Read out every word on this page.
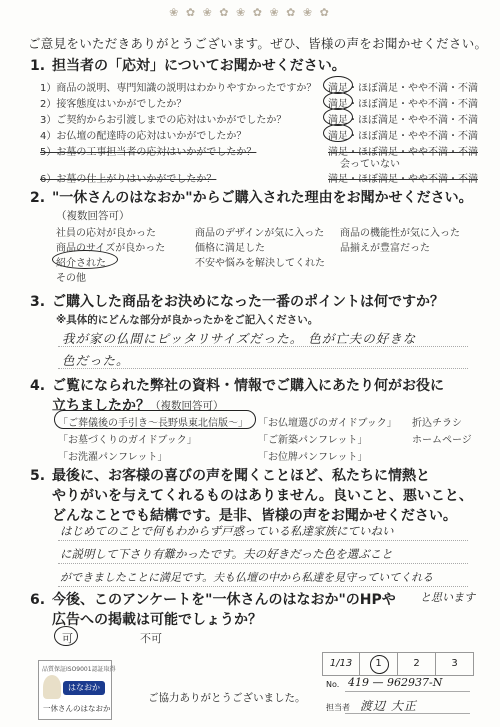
❀ ✿ ❀ ✿ ❀ ✿ ❀ ✿ ❀ ✿
ご意見をいただきありがとうございます。ぜひ、皆様の声をお聞かせください。
1. 担当者の「応対」についてお聞かせください。
1）商品の説明、専門知識の説明はわかりやすかったですか？ 満足・ほぼ満足・やや不満・不満
2）接客態度はいかがでしたか？	満足・ほぼ満足・やや不満・不満
3）ご契約からお引渡しまでの応対はいかがでしたか？	満足・ほぼ満足・やや不満・不満
4）お仏壇の配達時の応対はいかがでしたか？	満足・ほぼ満足・やや不満・不満
5）お墓の工事担当者の応対はいかがでしたか？	満足・ほぼ満足・やや不満・不満
会っていない
6）お墓の仕上がりはいかがでしたか？	満足・ほぼ満足・やや不満・不満
2. "一休さんのはなおか"からご購入された理由をお聞かせください。
（複数回答可）
社員の応対が良かった	商品のデザインが気に入った 商品の機能性が気に入った
商品のサイズが良かった	価格に満足した	品揃えが豊富だった
紹介された	不安や悩みを解決してくれた
その他
3. ご購入した商品をお決めになった一番のポイントは何ですか？
※具体的にどんな部分が良かったかをご記入ください。
我が家の仏間にピッタリサイズだった。 色が亡夫の好きな
色だった。
4. ご覧になられた弊社の資料・情報でご購入にあたり何がお役に
立ちましたか？ （複数回答可）
「ご葬儀後の手引き〜長野県東北信版〜」 「お仏壇選びのガイドブック」 折込チラシ
「お墓づくりのガイドブック」	「ご新築パンフレット」	ホームページ
「お洗濯パンフレット」	「お位牌パンフレット」
5. 最後に、お客様の喜びの声を聞くことほど、私たちに情熱と
やりがいを与えてくれるものはありません。良いこと、悪いこと、
どんなことでも結構です。是非、皆様の声をお聞かせください。
はじめてのことで何もわからず戸惑っている私達家族にていねい
に説明して下さり有難かったです。夫の好きだった色を選ぶこと
ができましたことに満足です。夫も仏壇の中から私達を見守っていてくれる
6. 今後、このアンケートを"一休さんのはなおか"のHPや
広告への掲載は可能でしょうか？
と思います
可	不可
品質保証ISO9001認証取得
はなおか
一休さんのはなおか
ご協力ありがとうございました。
1/13	1	2	3
No. 419 — 962937-N
担当者 渡辺 大正
